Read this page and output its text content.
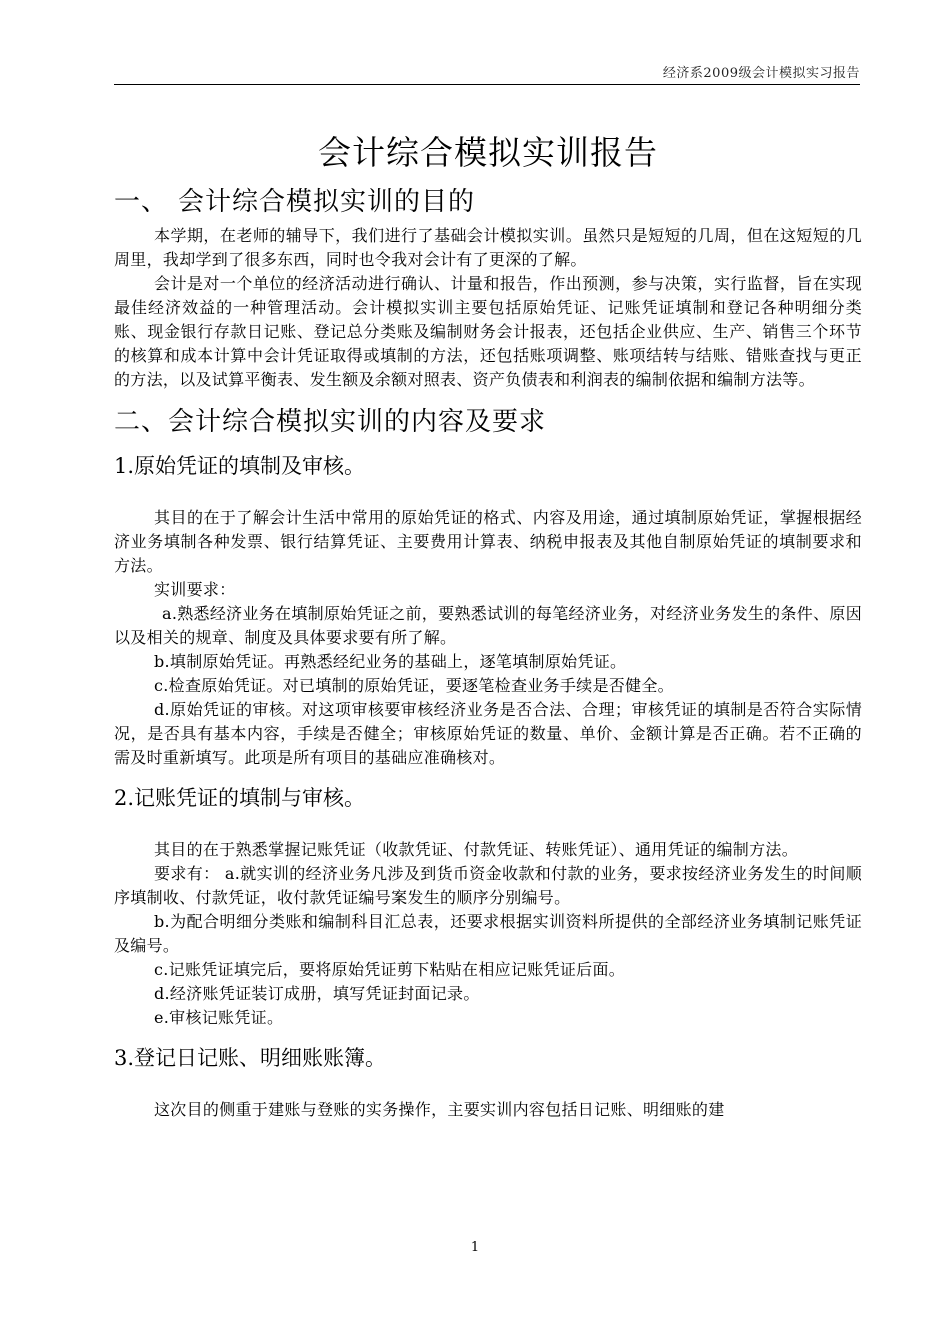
经济系2009级会计模拟实习报告
会计综合模拟实训报告
一、 会计综合模拟实训的目的

本学期，在老师的辅导下，我们进行了基础会计模拟实训。虽然只是短短的几周，但在这短短的几周里，我却学到了很多东西，同时也令我对会计有了更深的了解。

会计是对一个单位的经济活动进行确认、计量和报告，作出预测，参与决策，实行监督，旨在实现最佳经济效益的一种管理活动。会计模拟实训主要包括原始凭证、记账凭证填制和登记各种明细分类账、现金银行存款日记账、登记总分类账及编制财务会计报表，还包括企业供应、生产、销售三个环节的核算和成本计算中会计凭证取得或填制的方法，还包括账项调整、账项结转与结账、错账查找与更正的方法，以及试算平衡表、发生额及余额对照表、资产负债表和利润表的编制依据和编制方法等。

二、会计综合模拟实训的内容及要求
1.原始凭证的填制及审核。

其目的在于了解会计生活中常用的原始凭证的格式、内容及用途，通过填制原始凭证，掌握根据经济业务填制各种发票、银行结算凭证、主要费用计算表、纳税申报表及其他自制原始凭证的填制要求和方法。

实训要求：

a.熟悉经济业务在填制原始凭证之前，要熟悉试训的每笔经济业务，对经济业务发生的条件、原因以及相关的规章、制度及具体要求要有所了解。

b.填制原始凭证。再熟悉经纪业务的基础上，逐笔填制原始凭证。

c.检查原始凭证。对已填制的原始凭证，要逐笔检查业务手续是否健全。

d.原始凭证的审核。对这项审核要审核经济业务是否合法、合理；审核凭证的填制是否符合实际情况，是否具有基本内容，手续是否健全；审核原始凭证的数量、单价、金额计算是否正确。若不正确的需及时重新填写。此项是所有项目的基础应准确核对。

2.记账凭证的填制与审核。

其目的在于熟悉掌握记账凭证（收款凭证、付款凭证、转账凭证）、通用凭证的编制方法。

要求有： a.就实训的经济业务凡涉及到货币资金收款和付款的业务，要求按经济业务发生的时间顺序填制收、付款凭证，收付款凭证编号案发生的顺序分别编号。

b.为配合明细分类账和编制科目汇总表，还要求根据实训资料所提供的全部经济业务填制记账凭证及编号。

c.记账凭证填完后，要将原始凭证剪下粘贴在相应记账凭证后面。

d.经济账凭证装订成册，填写凭证封面记录。

e.审核记账凭证。

3.登记日记账、明细账账簿。

这次目的侧重于建账与登账的实务操作，主要实训内容包括日记账、明细账的建

1
